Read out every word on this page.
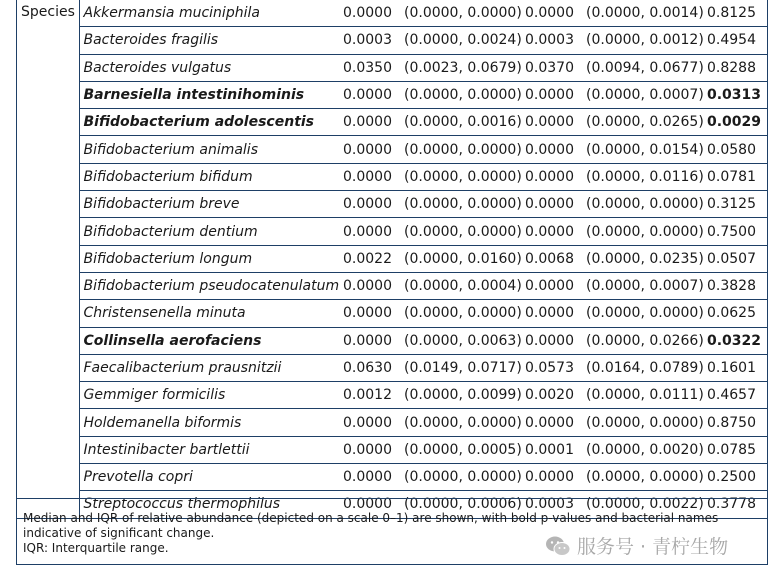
Species	Akkermansia muciniphila	0.0000	(0.0000, 0.0000)	0.0000	(0.0000, 0.0014)	0.8125
	Bacteroides fragilis	0.0003	(0.0000, 0.0024)	0.0003	(0.0000, 0.0012)	0.4954
	Bacteroides vulgatus	0.0350	(0.0023, 0.0679)	0.0370	(0.0094, 0.0677)	0.8288
	Barnesiella intestinihominis	0.0000	(0.0000, 0.0000)	0.0000	(0.0000, 0.0007)	0.0313
	Bifidobacterium adolescentis	0.0000	(0.0000, 0.0016)	0.0000	(0.0000, 0.0265)	0.0029
	Bifidobacterium animalis	0.0000	(0.0000, 0.0000)	0.0000	(0.0000, 0.0154)	0.0580
	Bifidobacterium bifidum	0.0000	(0.0000, 0.0000)	0.0000	(0.0000, 0.0116)	0.0781
	Bifidobacterium breve	0.0000	(0.0000, 0.0000)	0.0000	(0.0000, 0.0000)	0.3125
	Bifidobacterium dentium	0.0000	(0.0000, 0.0000)	0.0000	(0.0000, 0.0000)	0.7500
	Bifidobacterium longum	0.0022	(0.0000, 0.0160)	0.0068	(0.0000, 0.0235)	0.0507
	Bifidobacterium pseudocatenulatum	0.0000	(0.0000, 0.0004)	0.0000	(0.0000, 0.0007)	0.3828
	Christensenella minuta	0.0000	(0.0000, 0.0000)	0.0000	(0.0000, 0.0000)	0.0625
	Collinsella aerofaciens	0.0000	(0.0000, 0.0063)	0.0000	(0.0000, 0.0266)	0.0322
	Faecalibacterium prausnitzii	0.0630	(0.0149, 0.0717)	0.0573	(0.0164, 0.0789)	0.1601
	Gemmiger formicilis	0.0012	(0.0000, 0.0099)	0.0020	(0.0000, 0.0111)	0.4657
	Holdemanella biformis	0.0000	(0.0000, 0.0000)	0.0000	(0.0000, 0.0000)	0.8750
	Intestinibacter bartlettii	0.0000	(0.0000, 0.0005)	0.0001	(0.0000, 0.0020)	0.0785
	Prevotella copri	0.0000	(0.0000, 0.0000)	0.0000	(0.0000, 0.0000)	0.2500
	Streptococcus thermophilus	0.0000	(0.0000, 0.0006)	0.0003	(0.0000, 0.0022)	0.3778
Median and IQR of relative abundance (depicted on a scale 0–1) are shown, with bold p-values and bacterial names indicative of significant change.
IQR: Interquartile range.	服务号 · 青柠生物
